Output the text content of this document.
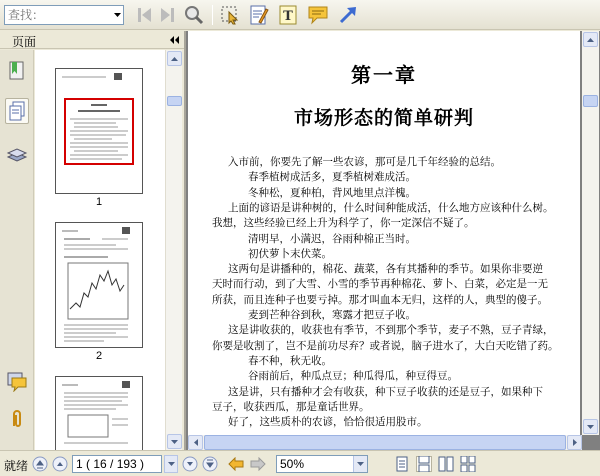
查找：
T
页面
1
2
第一章
市场形态的简单研判
入市前，你要先了解一些农谚，那可是几千年经验的总结。
春季植树成活多，夏季植树难成活。
冬种松，夏种柏，背风地里点洋槐。
上面的谚语是讲种树的，什么时间种能成活，什么地方应该种什么树。
我想，这些经验已经上升为科学了，你一定深信不疑了。
清明早，小满迟，谷雨种棉正当时。
初伏萝卜末伏菜。
这两句是讲播种的，棉花、蔬菜，各有其播种的季节。如果你非要逆
天时而行动，到了大雪、小雪的季节再种棉花、萝卜、白菜，必定是一无
所获，而且连种子也要亏掉。那才叫血本无归，这样的人，典型的傻子。
麦到芒种谷到秋，寒露才把豆子收。
这是讲收获的，收获也有季节，不到那个季节，麦子不熟，豆子青绿，
你要是收割了，岂不是前功尽弃？或者说，脑子进水了，大白天吃错了药。
春不种，秋无收。
谷雨前后，种瓜点豆；种瓜得瓜，种豆得豆。
这是讲，只有播种才会有收获，种下豆子收获的还是豆子，如果种下
豆子，收获西瓜，那是童话世界。
好了，这些质朴的农谚，恰恰很适用股市。
就绪	1 ( 16 / 193 )	50%
